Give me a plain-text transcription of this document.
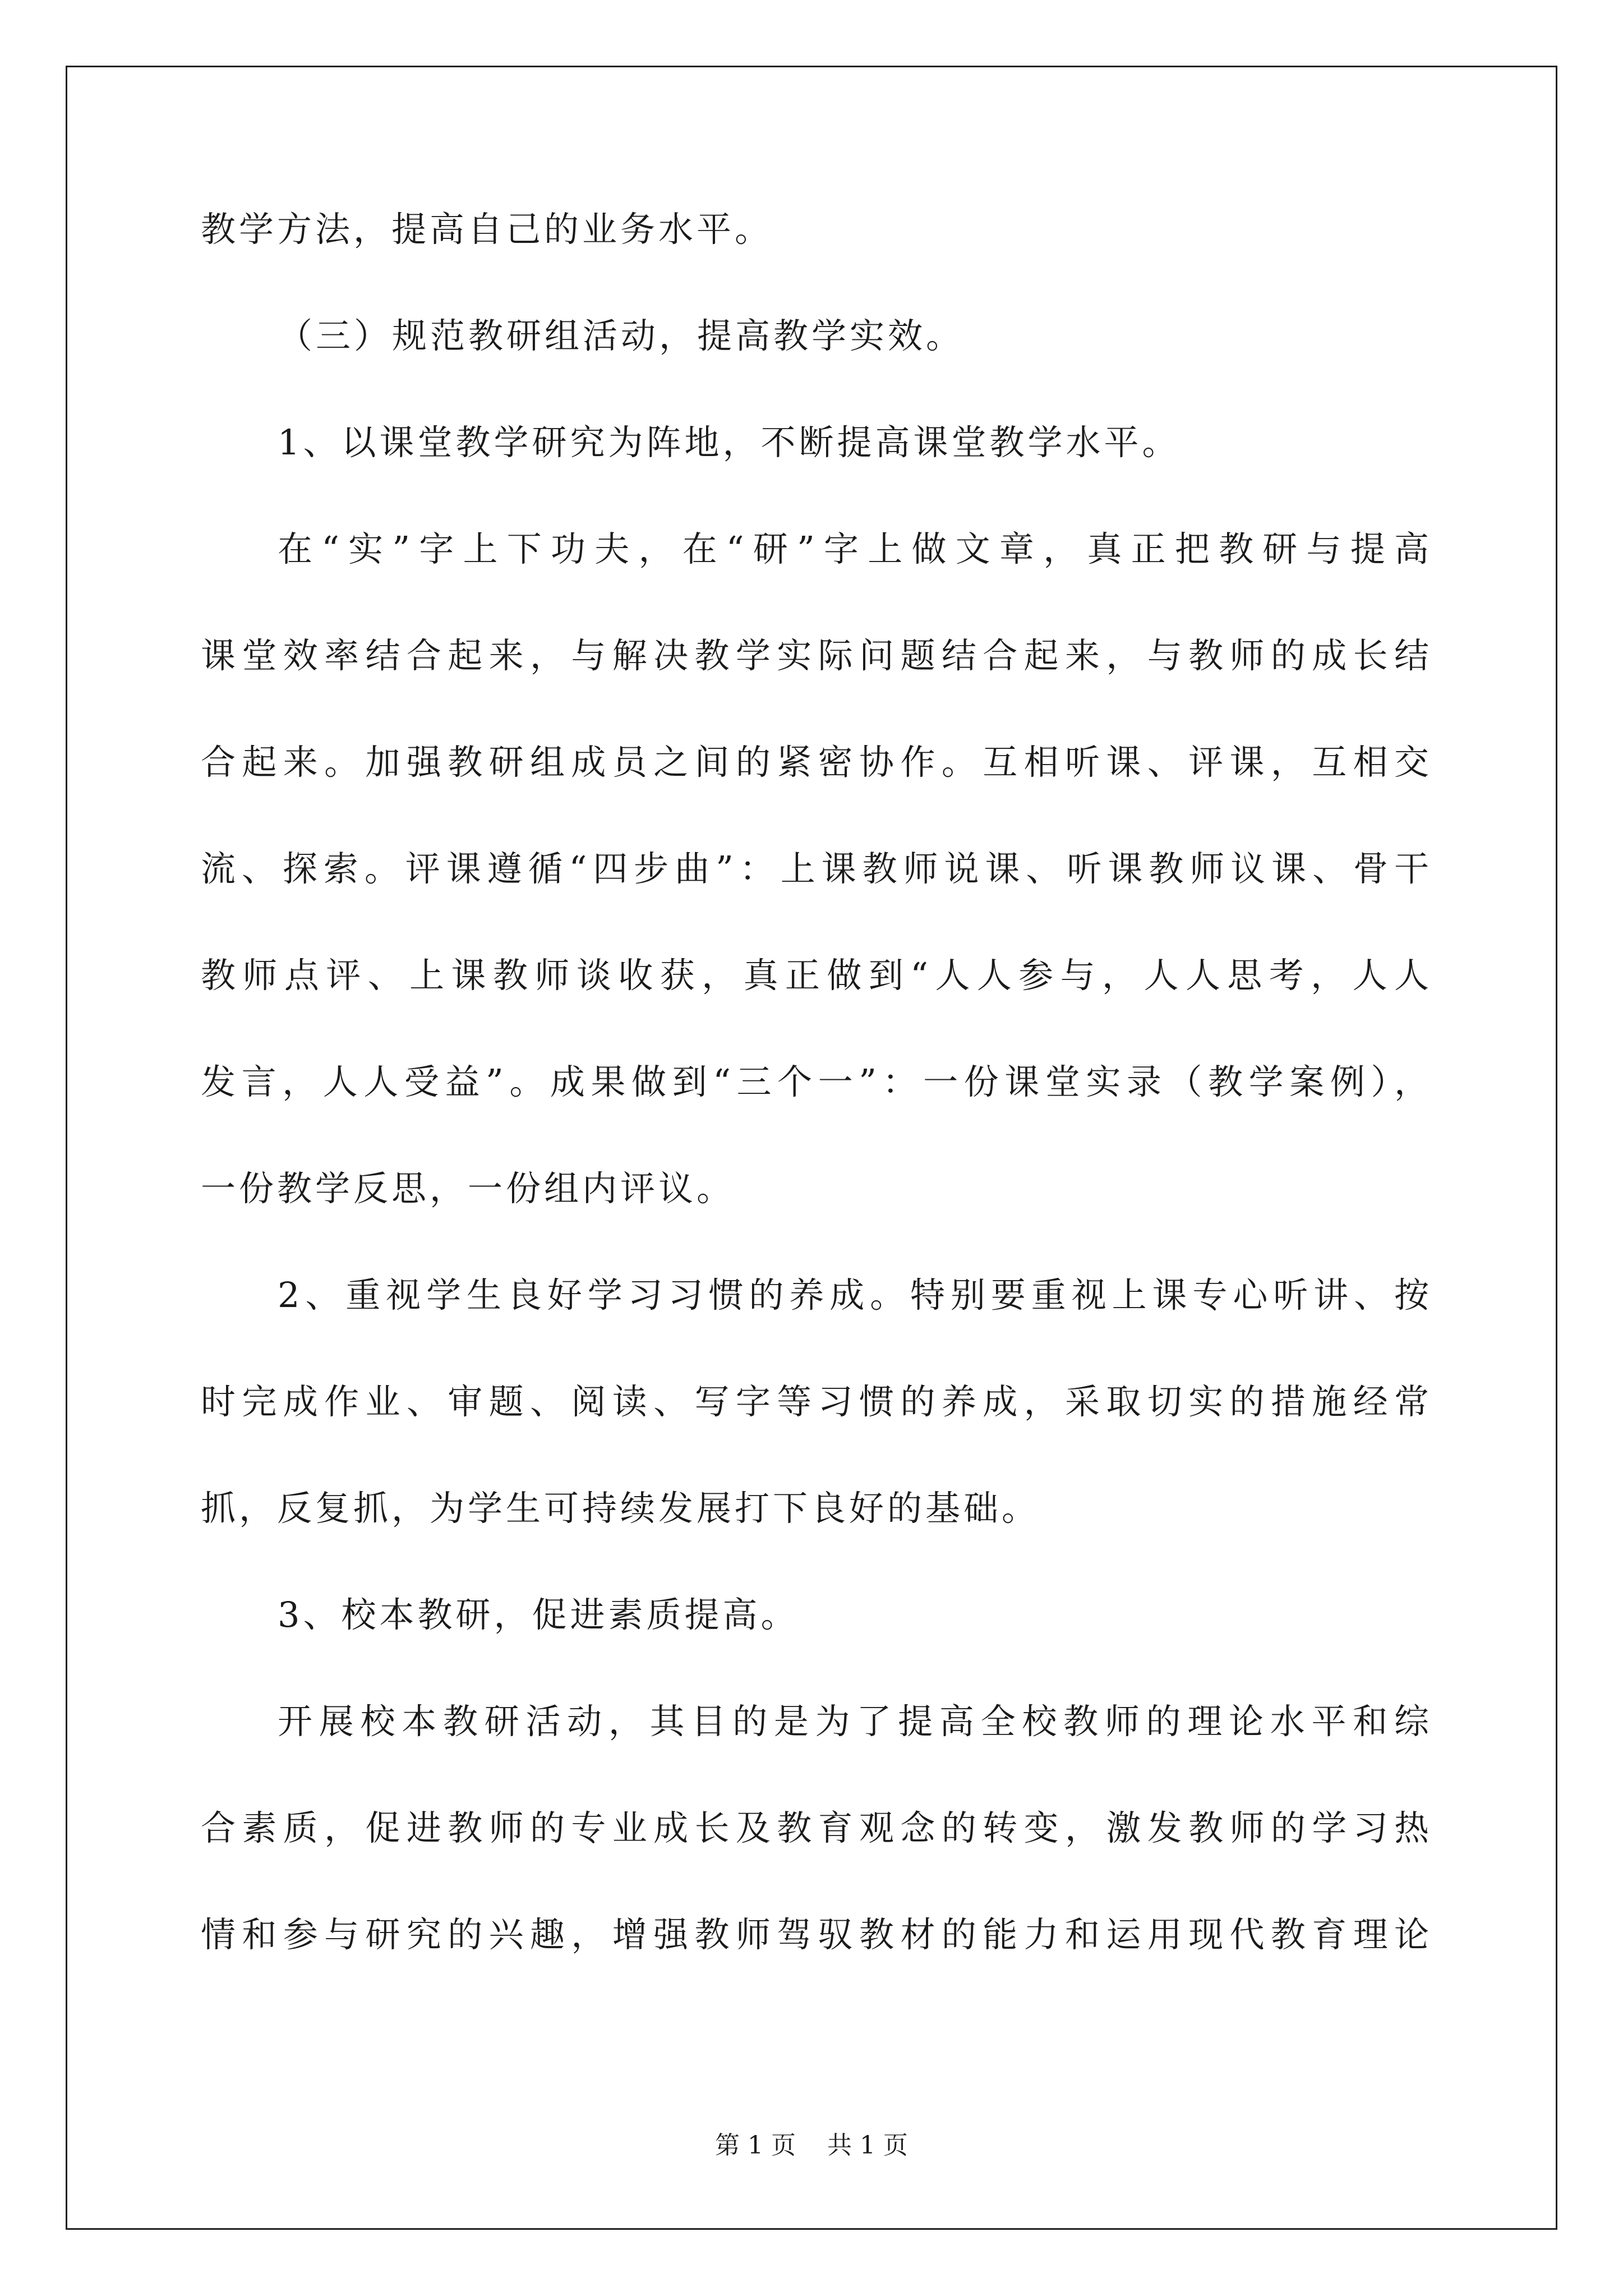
教学方法，提高自己的业务水平。
（三）规范教研组活动，提高教学实效。
1、以课堂教学研究为阵地，不断提高课堂教学水平。
在“实”字上下功夫，在“研”字上做文章，真正把教研与提高
课堂效率结合起来，与解决教学实际问题结合起来，与教师的成长结
合起来。加强教研组成员之间的紧密协作。互相听课、评课，互相交
流、探索。评课遵循“四步曲”：上课教师说课、听课教师议课、骨干
教师点评、上课教师谈收获，真正做到“人人参与，人人思考，人人
发言，人人受益”。成果做到“三个一”：一份课堂实录（教学案例），
一份教学反思，一份组内评议。
2、重视学生良好学习习惯的养成。特别要重视上课专心听讲、按
时完成作业、审题、阅读、写字等习惯的养成，采取切实的措施经常
抓，反复抓，为学生可持续发展打下良好的基础。
3、校本教研，促进素质提高。
开展校本教研活动，其目的是为了提高全校教师的理论水平和综
合素质，促进教师的专业成长及教育观念的转变，激发教师的学习热
情和参与研究的兴趣，增强教师驾驭教材的能力和运用现代教育理论
第 1 页    共 1 页
